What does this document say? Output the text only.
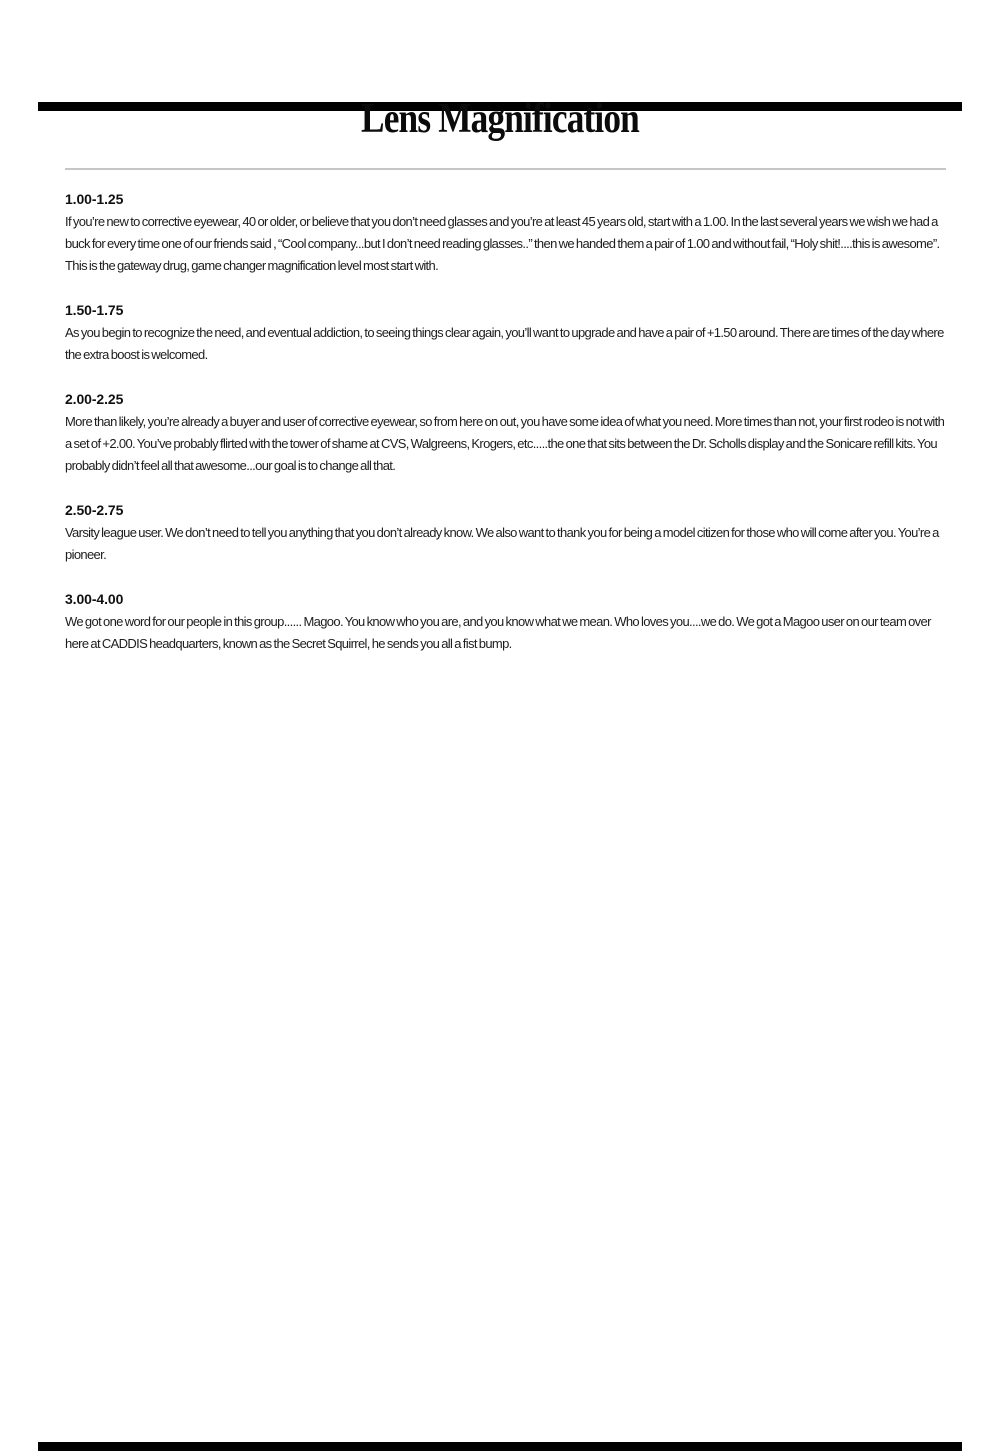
Lens Magnification
1.00-1.25

If you’re new to corrective eyewear, 40 or older, or believe that you don’t need glasses and you’re at least 45 years old, start with a 1.00. In the last several years we wish we had a buck for every time one of our friends said , “Cool company...but I don’t need reading glasses..” then we handed them a pair of 1.00 and without fail, “Holy shit!....this is awesome”. This is the gateway drug, game changer magnification level most start with.

1.50-1.75

As you begin to recognize the need, and eventual addiction, to seeing things clear again, you’ll want to upgrade and have a pair of +1.50 around. There are times of the day where the extra boost is welcomed.

2.00-2.25

More than likely, you’re already a buyer and user of corrective eyewear, so from here on out, you have some idea of what you need. More times than not, your first rodeo is not with a set of +2.00. You’ve probably flirted with the tower of shame at CVS, Walgreens, Krogers, etc.....the one that sits between the Dr. Scholls display and the Sonicare refill kits. You probably didn’t feel all that awesome...our goal is to change all that.

2.50-2.75

Varsity league user. We don’t need to tell you anything that you don’t already know. We also want to thank you for being a model citizen for those who will come after you. You’re a pioneer.

3.00-4.00

We got one word for our people in this group...... Magoo. You know who you are, and you know what we mean. Who loves you....we do. We got a Magoo user on our team over here at CADDIS headquarters, known as the Secret Squirrel, he sends you all a fist bump.
